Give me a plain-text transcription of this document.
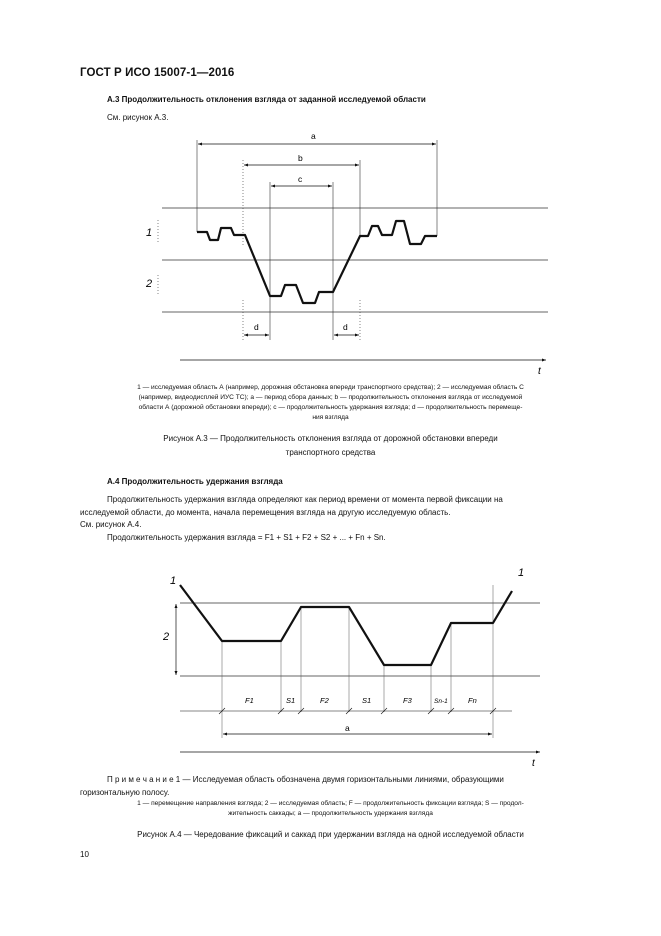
ГОСТ Р ИСО 15007-1—2016
А.3 Продолжительность отклонения взгляда от заданной исследуемой области
См. рисунок А.3.
a
b
c
d	d
1
2
t
1 — исследуемая область А (например, дорожная обстановка впереди транспортного средства); 2 — исследуемая область С
(например, видеодисплей ИУС ТС); а — период сбора данных; b — продолжительность отклонения взгляда от исследуемой
области А (дорожной обстановки впереди); с — продолжительность удержания взгляда; d — продолжительность перемеще-
ния взгляда
Рисунок А.3 — Продолжительность отклонения взгляда от дорожной обстановки впереди
транспортного средства
А.4 Продолжительность удержания взгляда
Продолжительность удержания взгляда определяют как период времени от момента первой фиксации на
исследуемой области, до момента, начала перемещения взгляда на другую исследуемую область.
См. рисунок А.4.
Продолжительность удержания взгляда = F1 + S1 + F2 + S2 + ... + Fn + Sn.
1
1
2
F1	S1	F2	S1	F3	Sn-1	Fn
a
t
П р и м е ч а н и е 1 — Исследуемая область обозначена двумя горизонтальными линиями, образующими
горизонтальную полосу.
1 — перемещение направления взгляда; 2 — исследуемая область; F — продолжительность фиксации взгляда; S — продол-
жительность саккады; а — продолжительность удержания взгляда
Рисунок А.4 — Чередование фиксаций и саккад при удержании взгляда на одной исследуемой области
10
